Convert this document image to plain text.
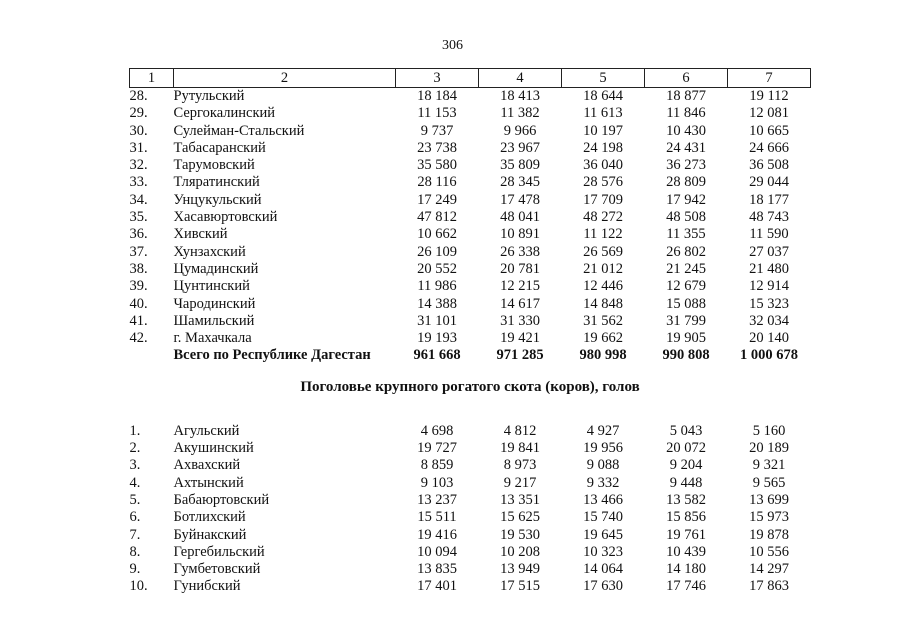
306
1	2	3	4	5	6	7
28.	Рутульский	18 184	18 413	18 644	18 877	19 112
29.	Сергокалинский	11 153	11 382	11 613	11 846	12 081
30.	Сулейман-Стальский	9 737	9 966	10 197	10 430	10 665
31.	Табасаранский	23 738	23 967	24 198	24 431	24 666
32.	Тарумовский	35 580	35 809	36 040	36 273	36 508
33.	Тляратинский	28 116	28 345	28 576	28 809	29 044
34.	Унцукульский	17 249	17 478	17 709	17 942	18 177
35.	Хасавюртовский	47 812	48 041	48 272	48 508	48 743
36.	Хивский	10 662	10 891	11 122	11 355	11 590
37.	Хунзахский	26 109	26 338	26 569	26 802	27 037
38.	Цумадинский	20 552	20 781	21 012	21 245	21 480
39.	Цунтинский	11 986	12 215	12 446	12 679	12 914
40.	Чародинский	14 388	14 617	14 848	15 088	15 323
41.	Шамильский	31 101	31 330	31 562	31 799	32 034
42.	г. Махачкала	19 193	19 421	19 662	19 905	20 140
	Всего по Республике Дагестан	961 668	971 285	980 998	990 808	1 000 678
Поголовье крупного рогатого скота (коров), голов						

1.	Агульский	4 698	4 812	4 927	5 043	5 160
2.	Акушинский	19 727	19 841	19 956	20 072	20 189
3.	Ахвахский	8 859	8 973	9 088	9 204	9 321
4.	Ахтынский	9 103	9 217	9 332	9 448	9 565
5.	Бабаюртовский	13 237	13 351	13 466	13 582	13 699
6.	Ботлихский	15 511	15 625	15 740	15 856	15 973
7.	Буйнакский	19 416	19 530	19 645	19 761	19 878
8.	Гергебильский	10 094	10 208	10 323	10 439	10 556
9.	Гумбетовский	13 835	13 949	14 064	14 180	14 297
10.	Гунибский	17 401	17 515	17 630	17 746	17 863
